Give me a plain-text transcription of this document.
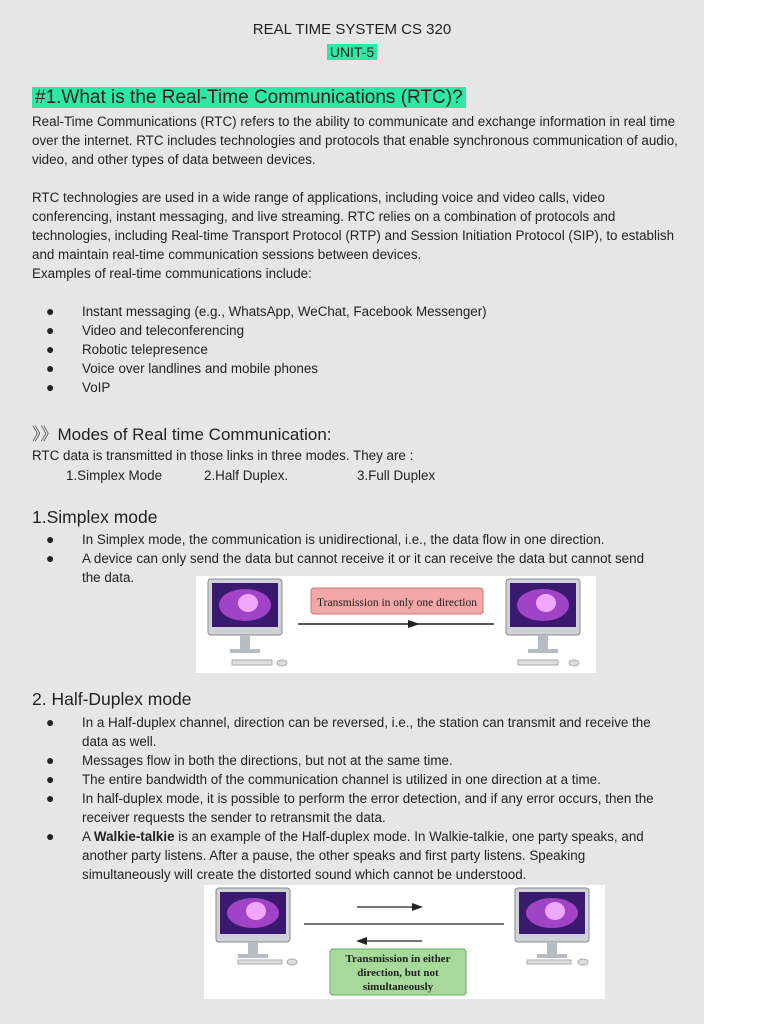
REAL TIME SYSTEM CS 320
UNIT-5
#1.What is the Real-Time Communications (RTC)?
Real-Time Communications (RTC) refers to the ability to communicate and exchange information in real time over the internet. RTC includes technologies and protocols that enable synchronous communication of audio, video, and other types of data between devices.
RTC technologies are used in a wide range of applications, including voice and video calls, video conferencing, instant messaging, and live streaming. RTC relies on a combination of protocols and technologies, including Real-time Transport Protocol (RTP) and Session Initiation Protocol (SIP), to establish and maintain real-time communication sessions between devices.
Examples of real-time communications include:
● Instant messaging (e.g., WhatsApp, WeChat, Facebook Messenger)
● Video and teleconferencing
● Robotic telepresence
● Voice over landlines and mobile phones
● VoIP
》》Modes of Real time Communication:
RTC data is transmitted in those links in three modes. They are :
1.Simplex Mode	2.Half Duplex.	3.Full Duplex
1.Simplex mode
● In Simplex mode, the communication is unidirectional, i.e., the data flow in one direction.
● A device can only send the data but cannot receive it or it can receive the data but cannot send the data.
Transmission in only one direction
2. Half-Duplex mode
● In a Half-duplex channel, direction can be reversed, i.e., the station can transmit and receive the data as well.
● Messages flow in both the directions, but not at the same time.
● The entire bandwidth of the communication channel is utilized in one direction at a time.
● In half-duplex mode, it is possible to perform the error detection, and if any error occurs, then the receiver requests the sender to retransmit the data.
● A Walkie-talkie is an example of the Half-duplex mode. In Walkie-talkie, one party speaks, and another party listens. After a pause, the other speaks and first party listens. Speaking simultaneously will create the distorted sound which cannot be understood.
Transmission in either
direction, but not
simultaneously
